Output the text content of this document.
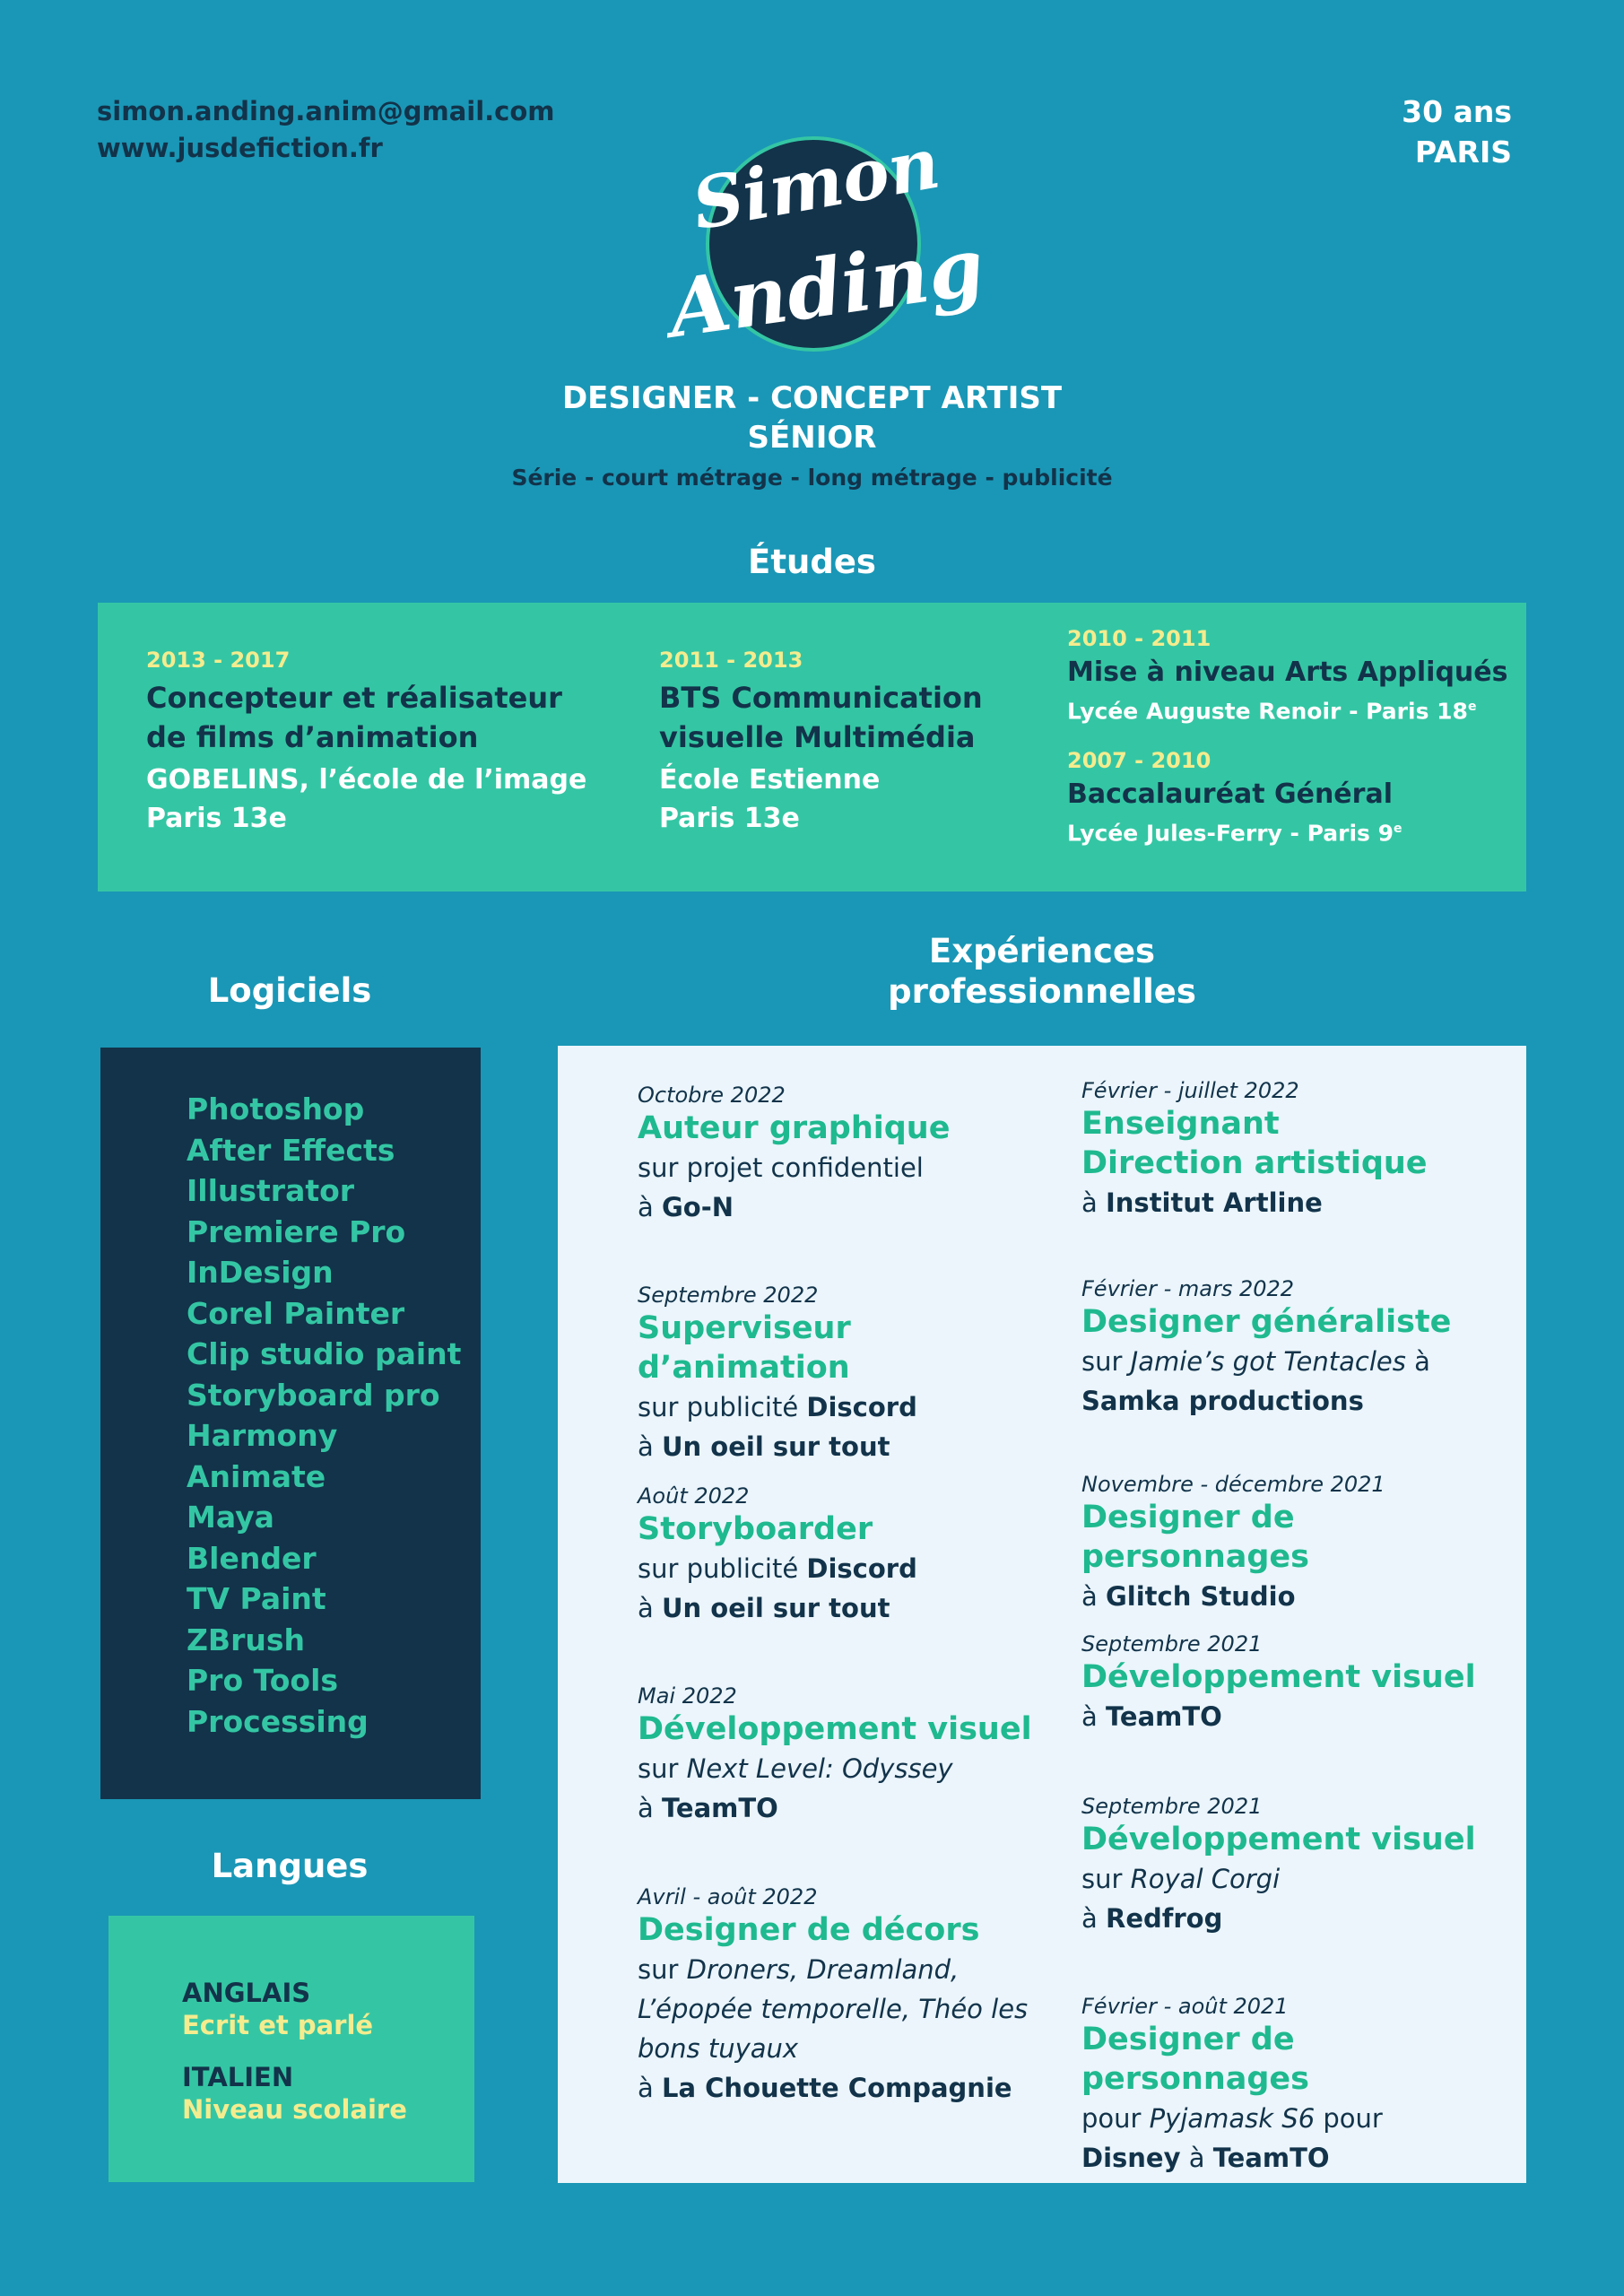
simon.anding.anim@gmail.com
www.jusdefiction.fr
30 ans
PARIS
Simon
Anding
DESIGNER - CONCEPT ARTIST
SÉNIOR
Série - court métrage - long métrage - publicité
Études
2013 - 2017
Concepteur et réalisateur
de films d’animation
GOBELINS, l’école de l’image
Paris 13e
2011 - 2013
BTS Communication
visuelle Multimédia
École Estienne
Paris 13e
2010 - 2011
Mise à niveau Arts Appliqués
Lycée Auguste Renoir - Paris 18e
2007 - 2010
Baccalauréat Général
Lycée Jules-Ferry - Paris 9e
Logiciels
Photoshop
After Effects
Illustrator
Premiere Pro
InDesign
Corel Painter
Clip studio paint
Storyboard pro
Harmony
Animate
Maya
Blender
TV Paint
ZBrush
Pro Tools
Processing
Langues
ANGLAIS
Ecrit et parlé
ITALIEN
Niveau scolaire
Expériences
professionnelles
Octobre 2022
Auteur graphique
sur projet confidentiel
à Go-N
Septembre 2022
Superviseur d’animation
sur publicité Discord
à Un oeil sur tout
Août 2022
Storyboarder
sur publicité Discord
à Un oeil sur tout
Mai 2022
Développement visuel
sur Next Level: Odyssey
à TeamTO
Avril - août 2022
Designer de décors
sur Droners, Dreamland,
L’épopée temporelle, Théo les
bons tuyaux
à La Chouette Compagnie
Février - juillet 2022
Enseignant
Direction artistique
à Institut Artline
Février - mars 2022
Designer généraliste
sur Jamie’s got Tentacles à
Samka productions
Novembre - décembre 2021
Designer de personnages
à Glitch Studio
Septembre 2021
Développement visuel
à TeamTO
Septembre 2021
Développement visuel
sur Royal Corgi
à Redfrog
Février - août 2021
Designer de personnages
pour Pyjamask S6 pour
Disney à TeamTO
